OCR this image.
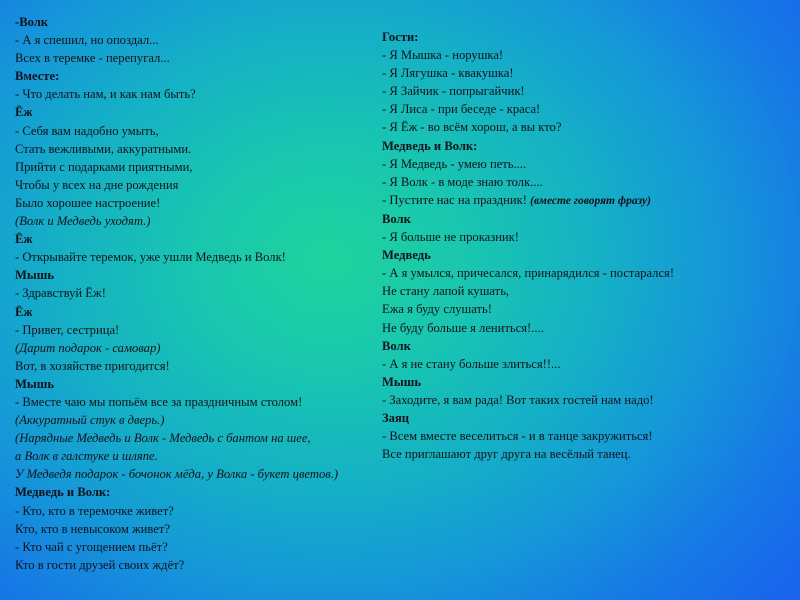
-Волк
- А я спешил, но опоздал...
Всех в теремке - перепугал...
Вместе:
- Что делать нам, и как нам быть?
Ёж
- Себя вам надобно умыть,
Стать вежливыми, аккуратными.
Прийти с подарками приятными,
Чтобы у всех на дне рождения
Было хорошее настроение!
(Волк и Медведь уходят.)
Ёж
- Открывайте теремок, уже ушли Медведь и Волк!
Мышь
- Здравствуй Ёж!
Ёж
- Привет, сестрица!
(Дарит подарок - самовар)
Вот, в хозяйстве пригодится!
Мышь
- Вместе чаю мы попьём все за праздничным столом!
(Аккуратный стук в дверь.)
(Нарядные Медведь и Волк - Медведь с бантом на шее,
а Волк в галстуке и шляпе.
У Медведя подарок - бочонок мёда, у Волка - букет цветов.)
Медведь и Волк:
- Кто, кто в теремочке живет?
Кто, кто в невысоком живет?
- Кто чай с угощением пьёт?
Кто в гости друзей своих ждёт?
Гости:
- Я Мышка - норушка!
- Я Лягушка - квакушка!
- Я Зайчик - попрыгайчик!
- Я Лиса - при беседе - краса!
- Я Ёж - во всём хорош, а вы кто?
Медведь и Волк:
- Я Медведь - умею петь....
- Я Волк - в моде знаю толк....
- Пустите нас на праздник! (вместе говорят фразу)
Волк
- Я больше не проказник!
Медведь
- А я умылся, причесался, принарядился - постарался!
Не стану лапой кушать,
Ежа я буду слушать!
Не буду больше я лениться!....
Волк
- А я не стану больше злиться!!...
Мышь
- Заходите, я вам рада! Вот таких гостей нам надо!
Заяц
- Всем вместе веселиться - и в танце закружиться!
Все приглашают друг друга на весёлый танец.
